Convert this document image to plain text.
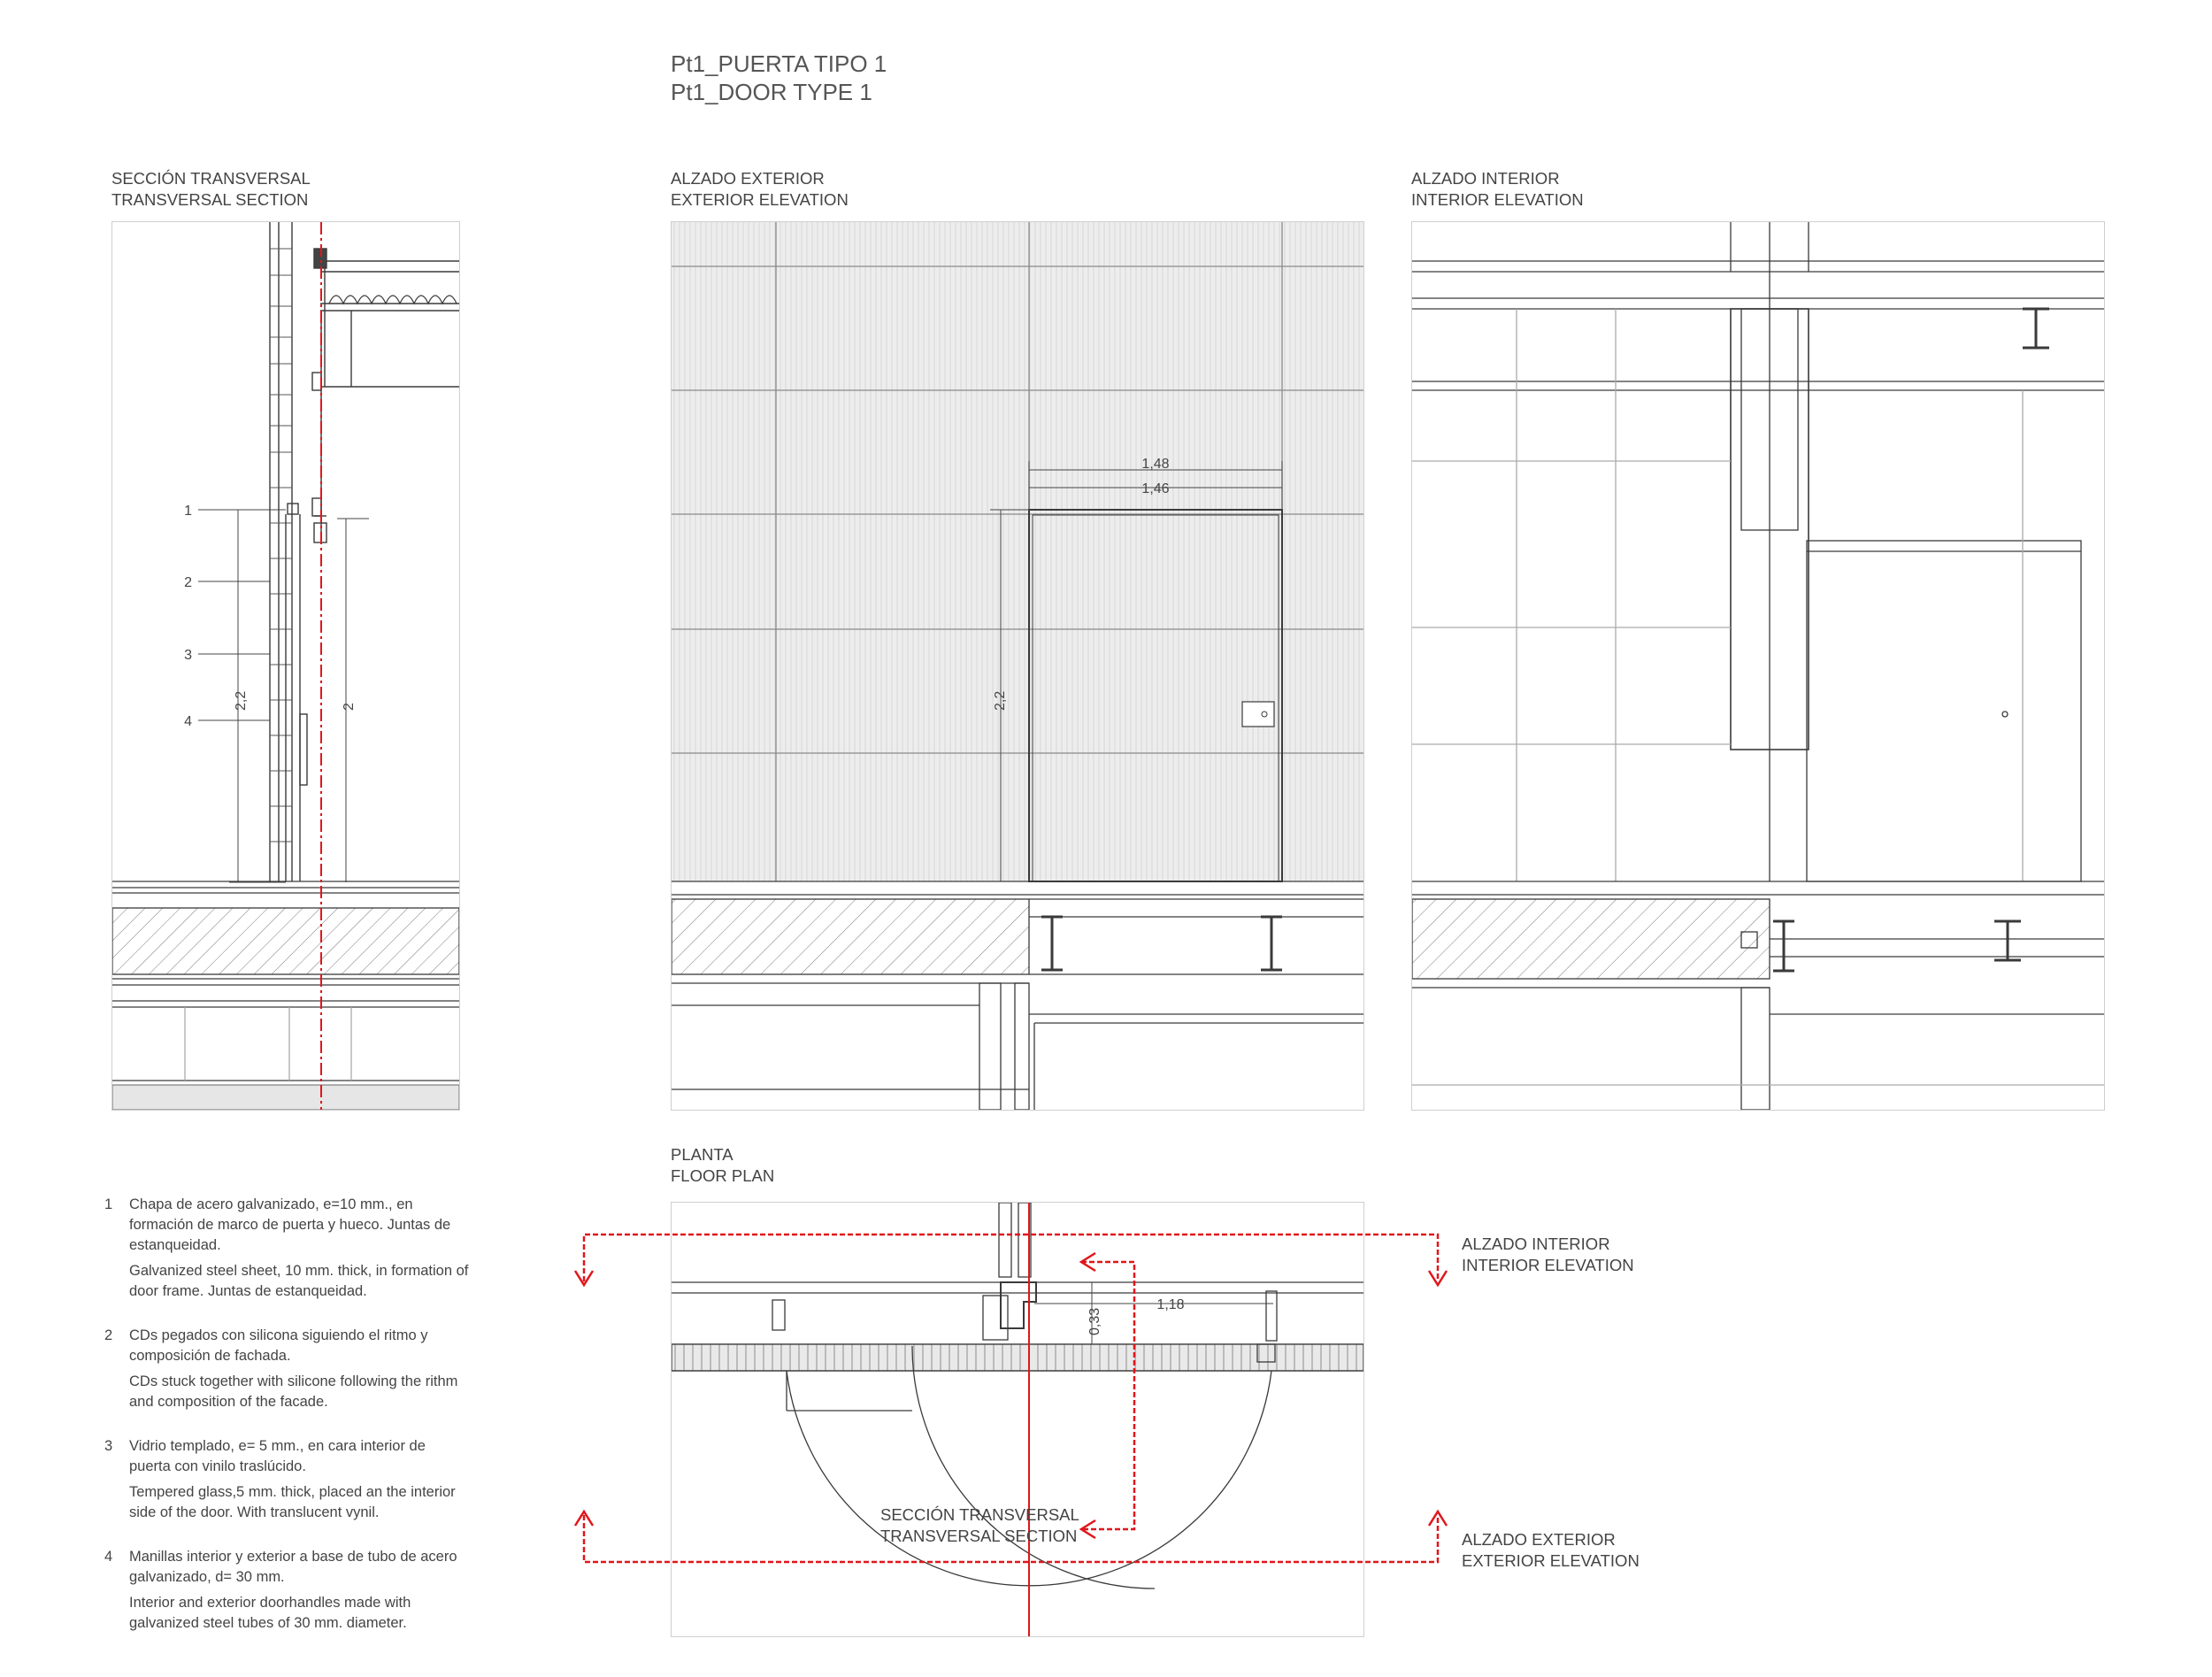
Pt1_PUERTA TIPO 1
Pt1_DOOR TYPE 1
SECCIÓN TRANSVERSAL
TRANSVERSAL SECTION
ALZADO EXTERIOR
EXTERIOR ELEVATION
ALZADO INTERIOR
INTERIOR ELEVATION
PLANTA
FLOOR PLAN
2,2	2
1
2
3
4
1,48
1,46
2,2
1,18
0,33
ALZADO INTERIOR
INTERIOR ELEVATION
ALZADO EXTERIOR
EXTERIOR ELEVATION
SECCIÓN TRANSVERSAL
TRANSVERSAL SECTION
1 Chapa de acero galvanizado, e=10 mm., en formación de marco de puerta y hueco. Juntas de estanqueidad.

Galvanized steel sheet, 10 mm. thick, in formation of door frame. Juntas de estanqueidad.

2 CDs pegados con silicona siguiendo el ritmo y composición de fachada.

CDs stuck together with silicone following the rithm and composition of the facade.

3 Vidrio templado, e= 5 mm., en cara interior de puerta con vinilo traslúcido.

Tempered glass,5 mm. thick, placed an the interior side of the door. With translucent vynil.

4 Manillas interior y exterior a base de tubo de acero galvanizado, d= 30 mm.

Interior and exterior doorhandles made with galvanized steel tubes of 30 mm. diameter.
